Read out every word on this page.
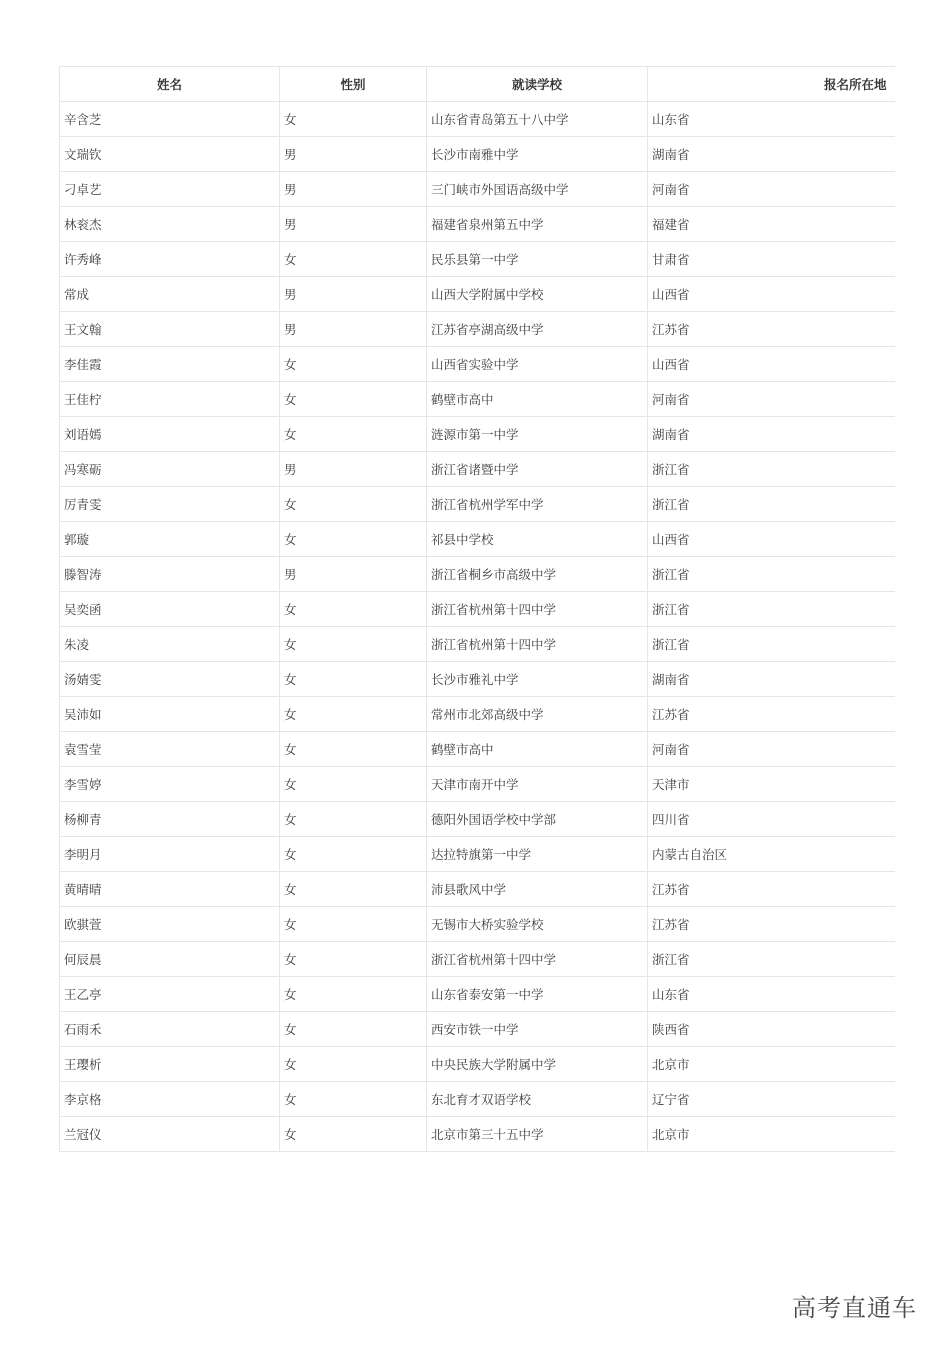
姓名	性别	就读学校	报名所在地
辛含芝	女	山东省青岛第五十八中学	山东省
文瑞钦	男	长沙市南雅中学	湖南省
刁卓艺	男	三门峡市外国语高级中学	河南省
林衮杰	男	福建省泉州第五中学	福建省
许秀峰	女	民乐县第一中学	甘肃省
常成	男	山西大学附属中学校	山西省
王文翰	男	江苏省亭湖高级中学	江苏省
李佳霞	女	山西省实验中学	山西省
王佳柠	女	鹤壁市高中	河南省
刘语嫣	女	涟源市第一中学	湖南省
冯寒砺	男	浙江省诸暨中学	浙江省
厉青雯	女	浙江省杭州学军中学	浙江省
郭璇	女	祁县中学校	山西省
滕智涛	男	浙江省桐乡市高级中学	浙江省
吴奕函	女	浙江省杭州第十四中学	浙江省
朱凌	女	浙江省杭州第十四中学	浙江省
汤婧雯	女	长沙市雅礼中学	湖南省
吴沛如	女	常州市北郊高级中学	江苏省
袁雪莹	女	鹤壁市高中	河南省
李雪婷	女	天津市南开中学	天津市
杨柳青	女	德阳外国语学校中学部	四川省
李明月	女	达拉特旗第一中学	内蒙古自治区
黄晴晴	女	沛县歌风中学	江苏省
欧骐萱	女	无锡市大桥实验学校	江苏省
何辰晨	女	浙江省杭州第十四中学	浙江省
王乙亭	女	山东省泰安第一中学	山东省
石雨禾	女	西安市铁一中学	陕西省
王璎析	女	中央民族大学附属中学	北京市
李京格	女	东北育才双语学校	辽宁省
兰冠仪	女	北京市第三十五中学	北京市
高考直通车
